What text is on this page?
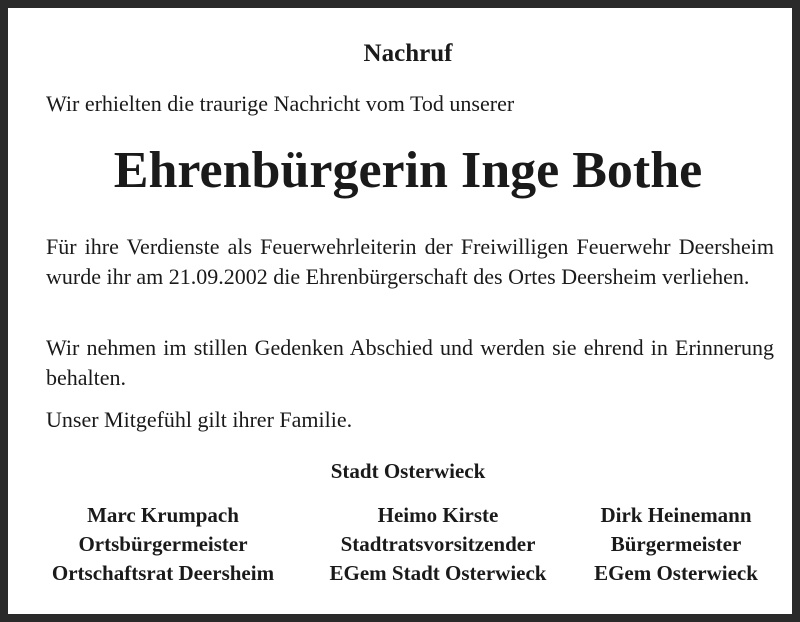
Nachruf
Wir erhielten die traurige Nachricht vom Tod unserer
Ehrenbürgerin Inge Bothe
Für ihre Verdienste als Feuerwehrleiterin der Freiwilligen Feuerwehr Deersheim wurde ihr am 21.09.2002 die Ehrenbürgerschaft des Ortes Deersheim verliehen.
Wir nehmen im stillen Gedenken Abschied und werden sie ehrend in Erinnerung behalten.
Unser Mitgefühl gilt ihrer Familie.
Stadt Osterwieck
Marc Krumpach
Ortsbürgermeister
Ortschaftsrat Deersheim
Heimo Kirste
Stadtratsvorsitzender
EGem Stadt Osterwieck
Dirk Heinemann
Bürgermeister
EGem Osterwieck
